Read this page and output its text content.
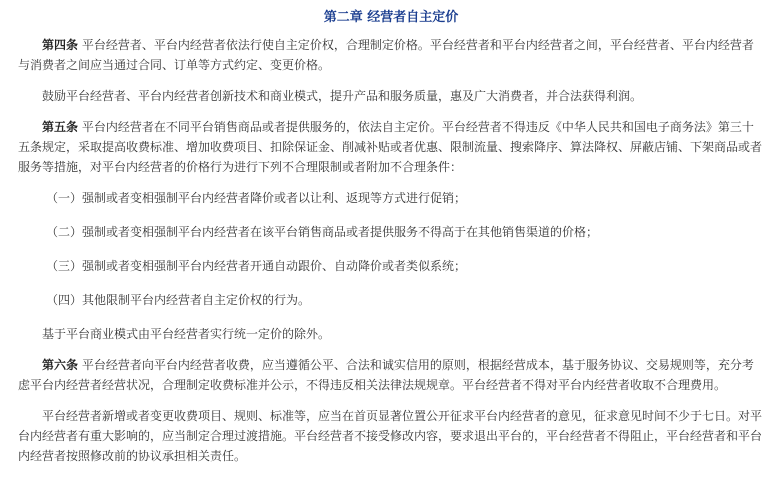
第二章 经营者自主定价

第四条 平台经营者、平台内经营者依法行使自主定价权，合理制定价格。平台经营者和平台内经营者之间，平台经营者、平台内经营者与消费者之间应当通过合同、订单等方式约定、变更价格。

鼓励平台经营者、平台内经营者创新技术和商业模式，提升产品和服务质量，惠及广大消费者，并合法获得利润。

第五条 平台内经营者在不同平台销售商品或者提供服务的，依法自主定价。平台经营者不得违反《中华人民共和国电子商务法》第三十五条规定，采取提高收费标准、增加收费项目、扣除保证金、削减补贴或者优惠、限制流量、搜索降序、算法降权、屏蔽店铺、下架商品或者服务等措施，对平台内经营者的价格行为进行下列不合理限制或者附加不合理条件：

（一）强制或者变相强制平台内经营者降价或者以让利、返现等方式进行促销；
（二）强制或者变相强制平台内经营者在该平台销售商品或者提供服务不得高于在其他销售渠道的价格；
（三）强制或者变相强制平台内经营者开通自动跟价、自动降价或者类似系统；
（四）其他限制平台内经营者自主定价权的行为。

基于平台商业模式由平台经营者实行统一定价的除外。

第六条 平台经营者向平台内经营者收费，应当遵循公平、合法和诚实信用的原则，根据经营成本，基于服务协议、交易规则等，充分考虑平台内经营者经营状况，合理制定收费标准并公示，不得违反相关法律法规规章。平台经营者不得对平台内经营者收取不合理费用。

平台经营者新增或者变更收费项目、规则、标准等，应当在首页显著位置公开征求平台内经营者的意见，征求意见时间不少于七日。对平台内经营者有重大影响的，应当制定合理过渡措施。平台经营者不接受修改内容，要求退出平台的，平台经营者不得阻止，平台经营者和平台内经营者按照修改前的协议承担相关责任。
